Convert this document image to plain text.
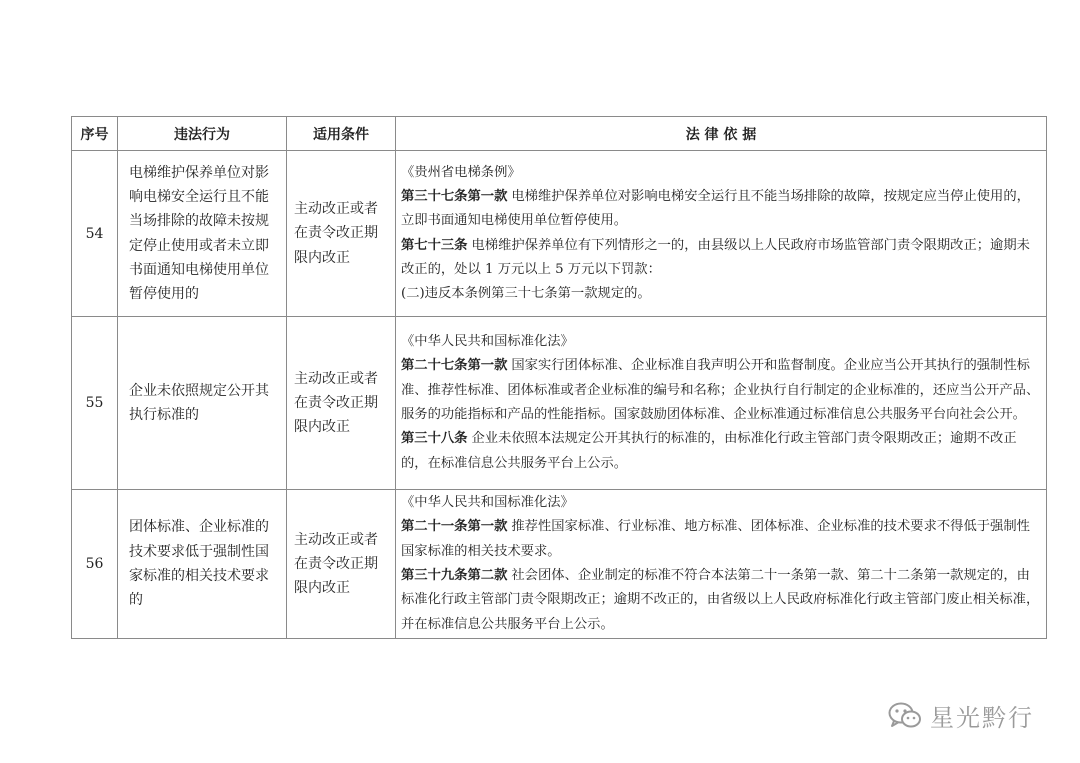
序号	违法行为	适用条件	法 律 依 据
54	电梯维护保养单位对影响电梯安全运行且不能当场排除的故障未按规定停止使用或者未立即书面通知电梯使用单位暂停使用的	主动改正或者在责令改正期限内改正	《贵州省电梯条例》

第三十七条第一款 电梯维护保养单位对影响电梯安全运行且不能当场排除的故障，按规定应当停止使用的，立即书面通知电梯使用单位暂停使用。

第七十三条 电梯维护保养单位有下列情形之一的，由县级以上人民政府市场监管部门责令限期改正；逾期未改正的，处以 1 万元以上 5 万元以下罚款：

(二)违反本条例第三十七条第一款规定的。

55	企业未依照规定公开其执行标准的	主动改正或者在责令改正期限内改正	《中华人民共和国标准化法》

第二十七条第一款 国家实行团体标准、企业标准自我声明公开和监督制度。企业应当公开其执行的强制性标准、推荐性标准、团体标准或者企业标准的编号和名称；企业执行自行制定的企业标准的，还应当公开产品、服务的功能指标和产品的性能指标。国家鼓励团体标准、企业标准通过标准信息公共服务平台向社会公开。

第三十八条 企业未依照本法规定公开其执行的标准的，由标准化行政主管部门责令限期改正；逾期不改正的，在标准信息公共服务平台上公示。

56	团体标准、企业标准的技术要求低于强制性国家标准的相关技术要求的	主动改正或者在责令改正期限内改正	《中华人民共和国标准化法》

第二十一条第一款 推荐性国家标准、行业标准、地方标准、团体标准、企业标准的技术要求不得低于强制性国家标准的相关技术要求。

第三十九条第二款 社会团体、企业制定的标准不符合本法第二十一条第一款、第二十二条第一款规定的，由标准化行政主管部门责令限期改正；逾期不改正的，由省级以上人民政府标准化行政主管部门废止相关标准，并在标准信息公共服务平台上公示。

星光黔行
